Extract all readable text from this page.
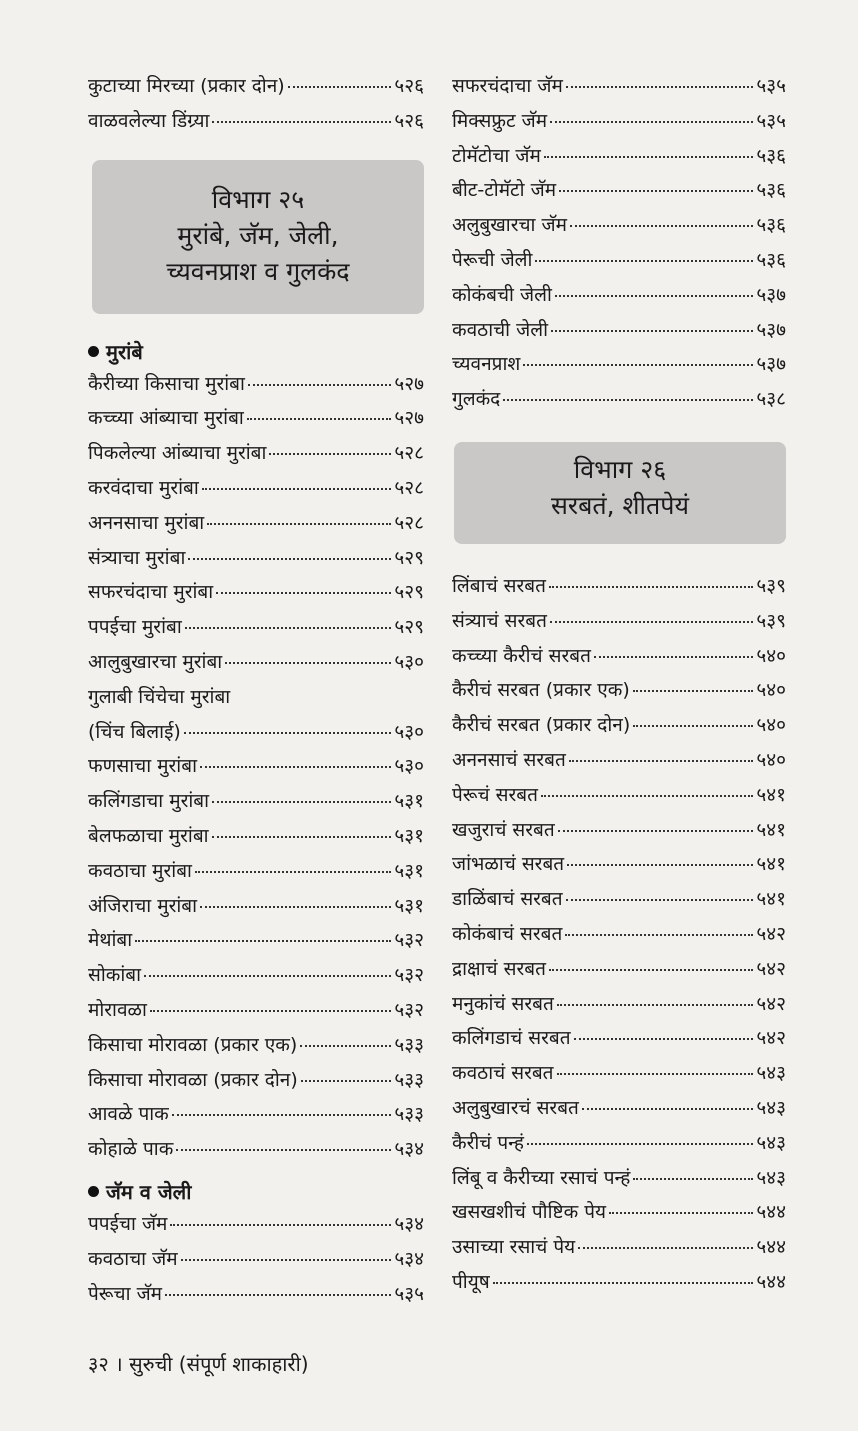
कुटाच्या मिरच्या (प्रकार दोन)	५२६
वाळवलेल्या डिंग्र्या	५२६
विभाग २५
मुरांबे, जॅम, जेली,
च्यवनप्राश व गुलकंद
मुरांबे
कैरीच्या किसाचा मुरांबा	५२७
कच्च्या आंब्याचा मुरांबा	५२७
पिकलेल्या आंब्याचा मुरांबा	५२८
करवंदाचा मुरांबा	५२८
अननसाचा मुरांबा	५२८
संत्र्याचा मुरांबा	५२९
सफरचंदाचा मुरांबा	५२९
पपईचा मुरांबा	५२९
आलुबुखारचा मुरांबा	५३०
गुलाबी चिंचेचा मुरांबा
(चिंच बिलाई)	५३०
फणसाचा मुरांबा	५३०
कलिंगडाचा मुरांबा	५३१
बेलफळाचा मुरांबा	५३१
कवठाचा मुरांबा	५३१
अंजिराचा मुरांबा	५३१
मेथांबा	५३२
सोकांबा	५३२
मोरावळा	५३२
किसाचा मोरावळा (प्रकार एक)	५३३
किसाचा मोरावळा (प्रकार दोन)	५३३
आवळे पाक	५३३
कोहाळे पाक	५३४
जॅम व जेली
पपईचा जॅम	५३४
कवठाचा जॅम	५३४
पेरूचा जॅम	५३५
सफरचंदाचा जॅम	५३५
मिक्सफ्रुट जॅम	५३५
टोमॅटोचा जॅम	५३६
बीट-टोमॅटो जॅम	५३६
अलुबुखारचा जॅम	५३६
पेरूची जेली	५३६
कोकंबची जेली	५३७
कवठाची जेली	५३७
च्यवनप्राश	५३७
गुलकंद	५३८
विभाग २६
सरबतं, शीतपेयं
लिंबाचं सरबत	५३९
संत्र्याचं सरबत	५३९
कच्च्या कैरीचं सरबत	५४०
कैरीचं सरबत (प्रकार एक)	५४०
कैरीचं सरबत (प्रकार दोन)	५४०
अननसाचं सरबत	५४०
पेरूचं सरबत	५४१
खजुराचं सरबत	५४१
जांभळाचं सरबत	५४१
डाळिंबाचं सरबत	५४१
कोकंबाचं सरबत	५४२
द्राक्षाचं सरबत	५४२
मनुकांचं सरबत	५४२
कलिंगडाचं सरबत	५४२
कवठाचं सरबत	५४३
अलुबुखारचं सरबत	५४३
कैरीचं पन्हं	५४३
लिंबू व कैरीच्या रसाचं पन्हं	५४३
खसखशीचं पौष्टिक पेय	५४४
उसाच्या रसाचं पेय	५४४
पीयूष	५४४
३२ । सुरुची (संपूर्ण शाकाहारी)
